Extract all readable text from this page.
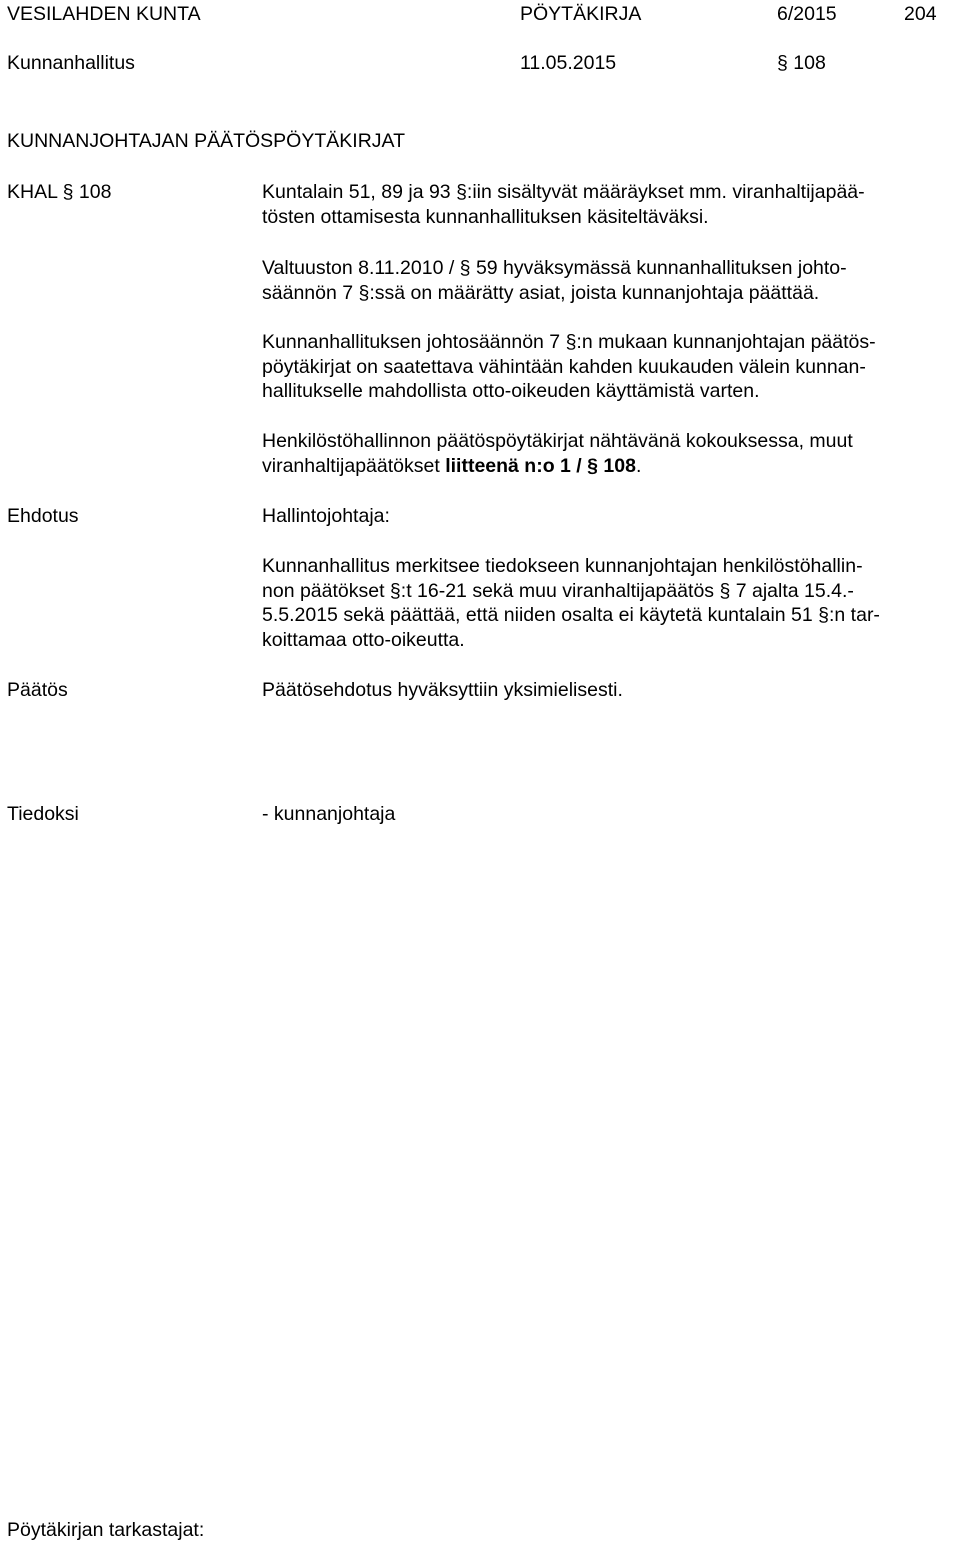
VESILAHDEN KUNTA	PÖYTÄKIRJA	6/2015	204
Kunnanhallitus	11.05.2015	§ 108
KUNNANJOHTAJAN PÄÄTÖSPÖYTÄKIRJAT
KHAL § 108	Kuntalain 51, 89 ja 93 §:iin sisältyvät määräykset mm. viranhaltijapää-
tösten ottamisesta kunnanhallituksen käsiteltäväksi.
Valtuuston 8.11.2010 / § 59 hyväksymässä kunnanhallituksen johto-
säännön 7 §:ssä on määrätty asiat, joista kunnanjohtaja päättää.
Kunnanhallituksen johtosäännön 7 §:n mukaan kunnanjohtajan päätös-
pöytäkirjat on saatettava vähintään kahden kuukauden välein kunnan-
hallitukselle mahdollista otto-oikeuden käyttämistä varten.
Henkilöstöhallinnon päätöspöytäkirjat nähtävänä kokouksessa, muut
viranhaltijapäätökset liitteenä n:o 1 / § 108.
Ehdotus	Hallintojohtaja:
Kunnanhallitus merkitsee tiedokseen kunnanjohtajan henkilöstöhallin-
non päätökset §:t 16-21 sekä muu viranhaltijapäätös § 7 ajalta 15.4.-
5.5.2015 sekä päättää, että niiden osalta ei käytetä kuntalain 51 §:n tar-
koittamaa otto-oikeutta.
Päätös	Päätösehdotus hyväksyttiin yksimielisesti.
Tiedoksi	- kunnanjohtaja
Pöytäkirjan tarkastajat:
